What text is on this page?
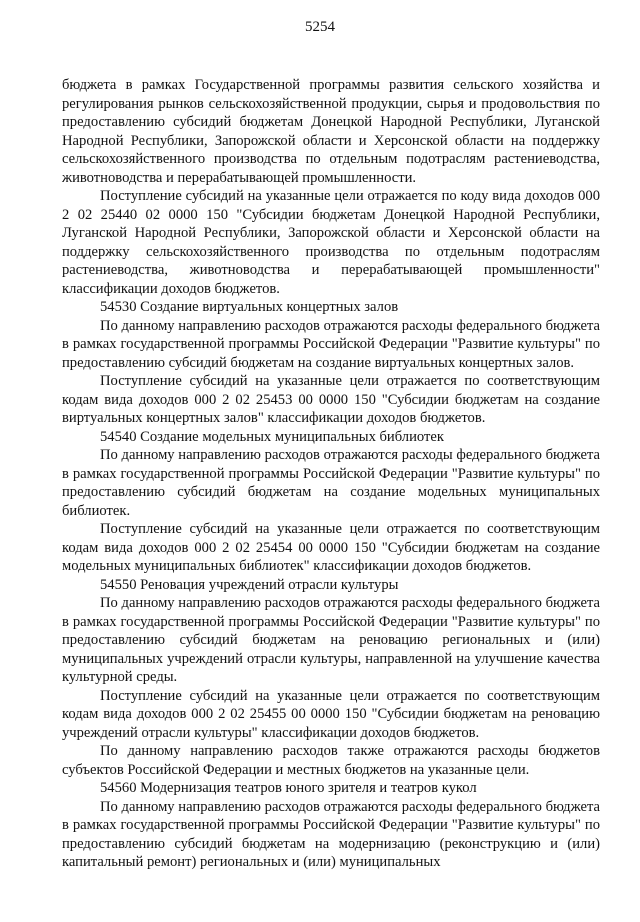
5254

бюджета в рамках Государственной программы развития сельского хозяйства и регулирования рынков сельскохозяйственной продукции, сырья и продовольствия по предоставлению субсидий бюджетам Донецкой Народной Республики, Луганской Народной Республики, Запорожской области и Херсонской области на поддержку сельскохозяйственного производства по отдельным подотраслям растениеводства, животноводства и перерабатывающей промышленности.

Поступление субсидий на указанные цели отражается по коду вида доходов 000 2 02 25440 02 0000 150 "Субсидии бюджетам Донецкой Народной Республики, Луганской Народной Республики, Запорожской области и Херсонской области на поддержку сельскохозяйственного производства по отдельным подотраслям растениеводства, животноводства и перерабатывающей промышленности" классификации доходов бюджетов.

54530 Создание виртуальных концертных залов

По данному направлению расходов отражаются расходы федерального бюджета в рамках государственной программы Российской Федерации "Развитие культуры" по предоставлению субсидий бюджетам на создание виртуальных концертных залов.

Поступление субсидий на указанные цели отражается по соответствующим кодам вида доходов 000 2 02 25453 00 0000 150 "Субсидии бюджетам на создание виртуальных концертных залов" классификации доходов бюджетов.

54540 Создание модельных муниципальных библиотек

По данному направлению расходов отражаются расходы федерального бюджета в рамках государственной программы Российской Федерации "Развитие культуры" по предоставлению субсидий бюджетам на создание модельных муниципальных библиотек.

Поступление субсидий на указанные цели отражается по соответствующим кодам вида доходов 000 2 02 25454 00 0000 150 "Субсидии бюджетам на создание модельных муниципальных библиотек" классификации доходов бюджетов.

54550 Реновация учреждений отрасли культуры

По данному направлению расходов отражаются расходы федерального бюджета в рамках государственной программы Российской Федерации "Развитие культуры" по предоставлению субсидий бюджетам на реновацию региональных и (или) муниципальных учреждений отрасли культуры, направленной на улучшение качества культурной среды.

Поступление субсидий на указанные цели отражается по соответствующим кодам вида доходов 000 2 02 25455 00 0000 150 "Субсидии бюджетам на реновацию учреждений отрасли культуры" классификации доходов бюджетов.

По данному направлению расходов также отражаются расходы бюджетов субъектов Российской Федерации и местных бюджетов на указанные цели.

54560 Модернизация театров юного зрителя и театров кукол

По данному направлению расходов отражаются расходы федерального бюджета в рамках государственной программы Российской Федерации "Развитие культуры" по предоставлению субсидий бюджетам на модернизацию (реконструкцию и (или) капитальный ремонт) региональных и (или) муниципальных
